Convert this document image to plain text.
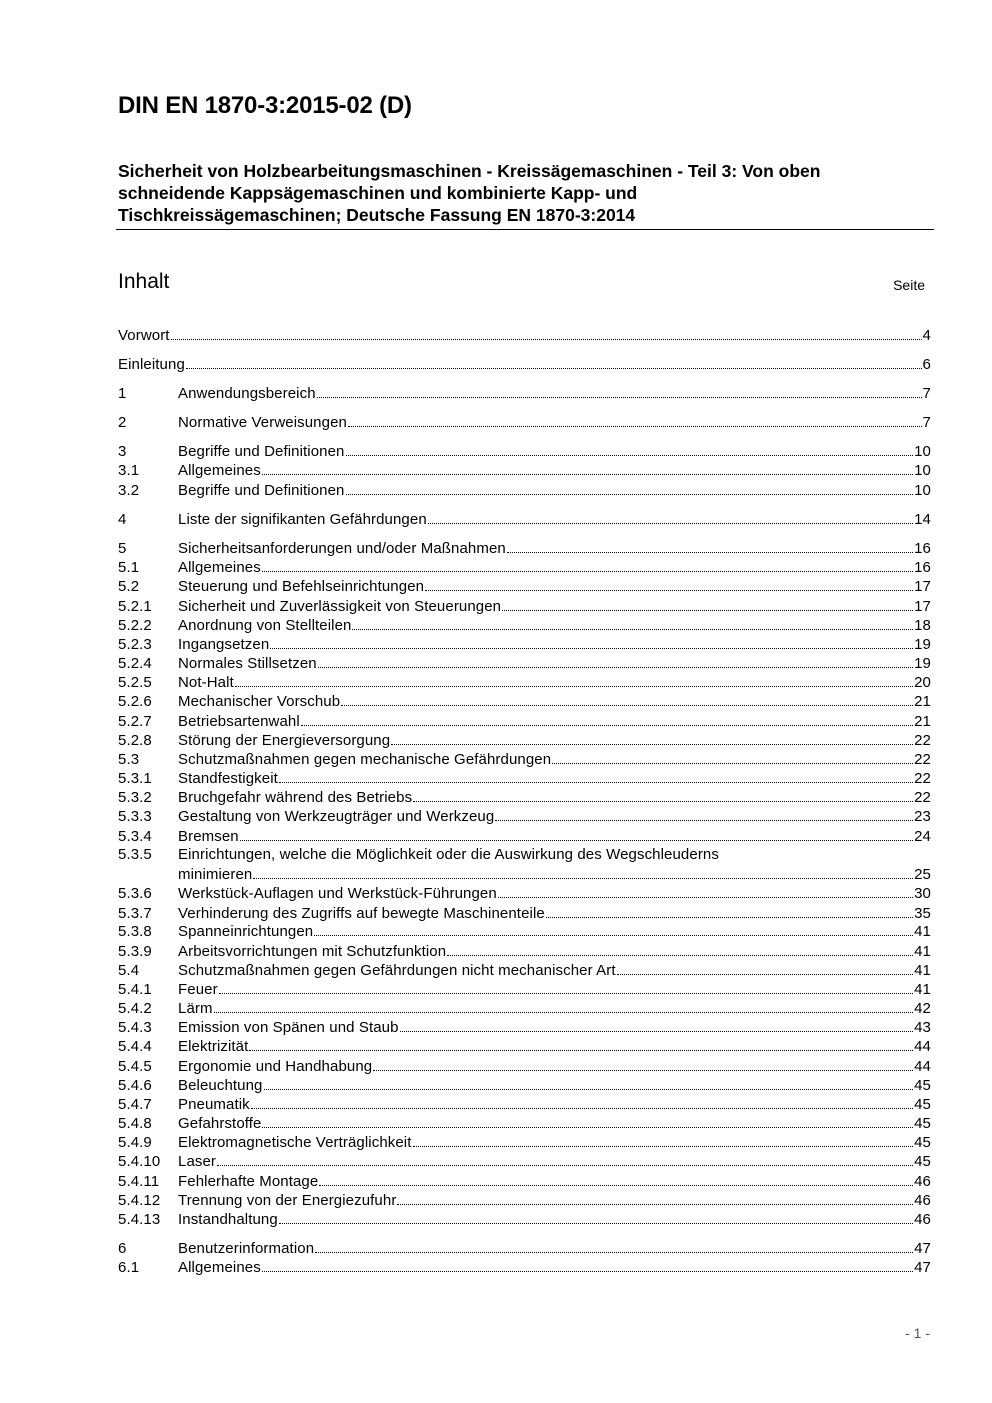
DIN EN 1870-3:2015-02 (D)
Sicherheit von Holzbearbeitungsmaschinen - Kreissägemaschinen - Teil 3: Von oben
schneidende Kappsägemaschinen und kombinierte Kapp- und
Tischkreissägemaschinen; Deutsche Fassung EN 1870-3:2014
Inhalt	Seite
Vorwort	4
Einleitung	6
1	Anwendungsbereich	7
2	Normative Verweisungen	7
3	Begriffe und Definitionen	10
3.1	Allgemeines	10
3.2	Begriffe und Definitionen	10
4	Liste der signifikanten Gefährdungen	14
5	Sicherheitsanforderungen und/oder Maßnahmen	16
5.1	Allgemeines	16
5.2	Steuerung und Befehlseinrichtungen	17
5.2.1	Sicherheit und Zuverlässigkeit von Steuerungen	17
5.2.2	Anordnung von Stellteilen	18
5.2.3	Ingangsetzen	19
5.2.4	Normales Stillsetzen	19
5.2.5	Not-Halt	20
5.2.6	Mechanischer Vorschub	21
5.2.7	Betriebsartenwahl	21
5.2.8	Störung der Energieversorgung	22
5.3	Schutzmaßnahmen gegen mechanische Gefährdungen	22
5.3.1	Standfestigkeit	22
5.3.2	Bruchgefahr während des Betriebs	22
5.3.3	Gestaltung von Werkzeugträger und Werkzeug	23
5.3.4	Bremsen	24
5.3.5	Einrichtungen, welche die Möglichkeit oder die Auswirkung des Wegschleuderns
minimieren	25
5.3.6	Werkstück-Auflagen und Werkstück-Führungen	30
5.3.7	Verhinderung des Zugriffs auf bewegte Maschinenteile	35
5.3.8	Spanneinrichtungen	41
5.3.9	Arbeitsvorrichtungen mit Schutzfunktion	41
5.4	Schutzmaßnahmen gegen Gefährdungen nicht mechanischer Art	41
5.4.1	Feuer	41
5.4.2	Lärm	42
5.4.3	Emission von Spänen und Staub	43
5.4.4	Elektrizität	44
5.4.5	Ergonomie und Handhabung	44
5.4.6	Beleuchtung	45
5.4.7	Pneumatik	45
5.4.8	Gefahrstoffe	45
5.4.9	Elektromagnetische Verträglichkeit	45
5.4.10	Laser	45
5.4.11	Fehlerhafte Montage	46
5.4.12	Trennung von der Energiezufuhr	46
5.4.13	Instandhaltung	46
6	Benutzerinformation	47
6.1	Allgemeines	47
- 1 -
